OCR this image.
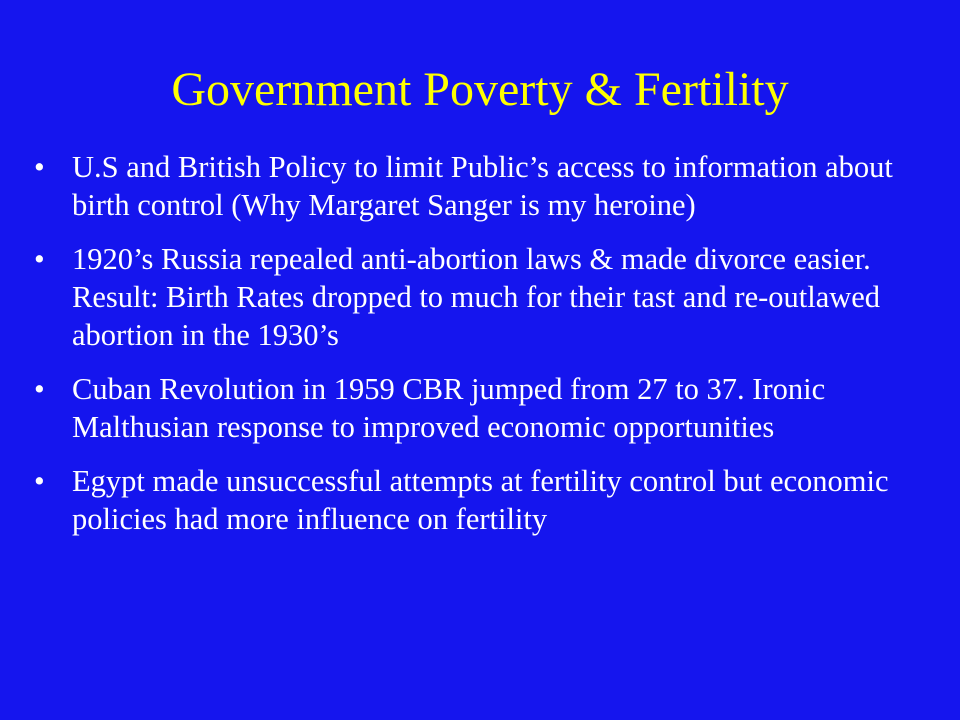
Government Poverty & Fertility
• U.S and British Policy to limit Public’s access to information about birth control (Why Margaret Sanger is my heroine)
• 1920’s Russia repealed anti-abortion laws & made divorce easier. Result: Birth Rates dropped to much for their tast and re-outlawed abortion in the 1930’s
• Cuban Revolution in 1959 CBR jumped from 27 to 37. Ironic Malthusian response to improved economic opportunities
• Egypt made unsuccessful attempts at fertility control but economic policies had more influence on fertility
